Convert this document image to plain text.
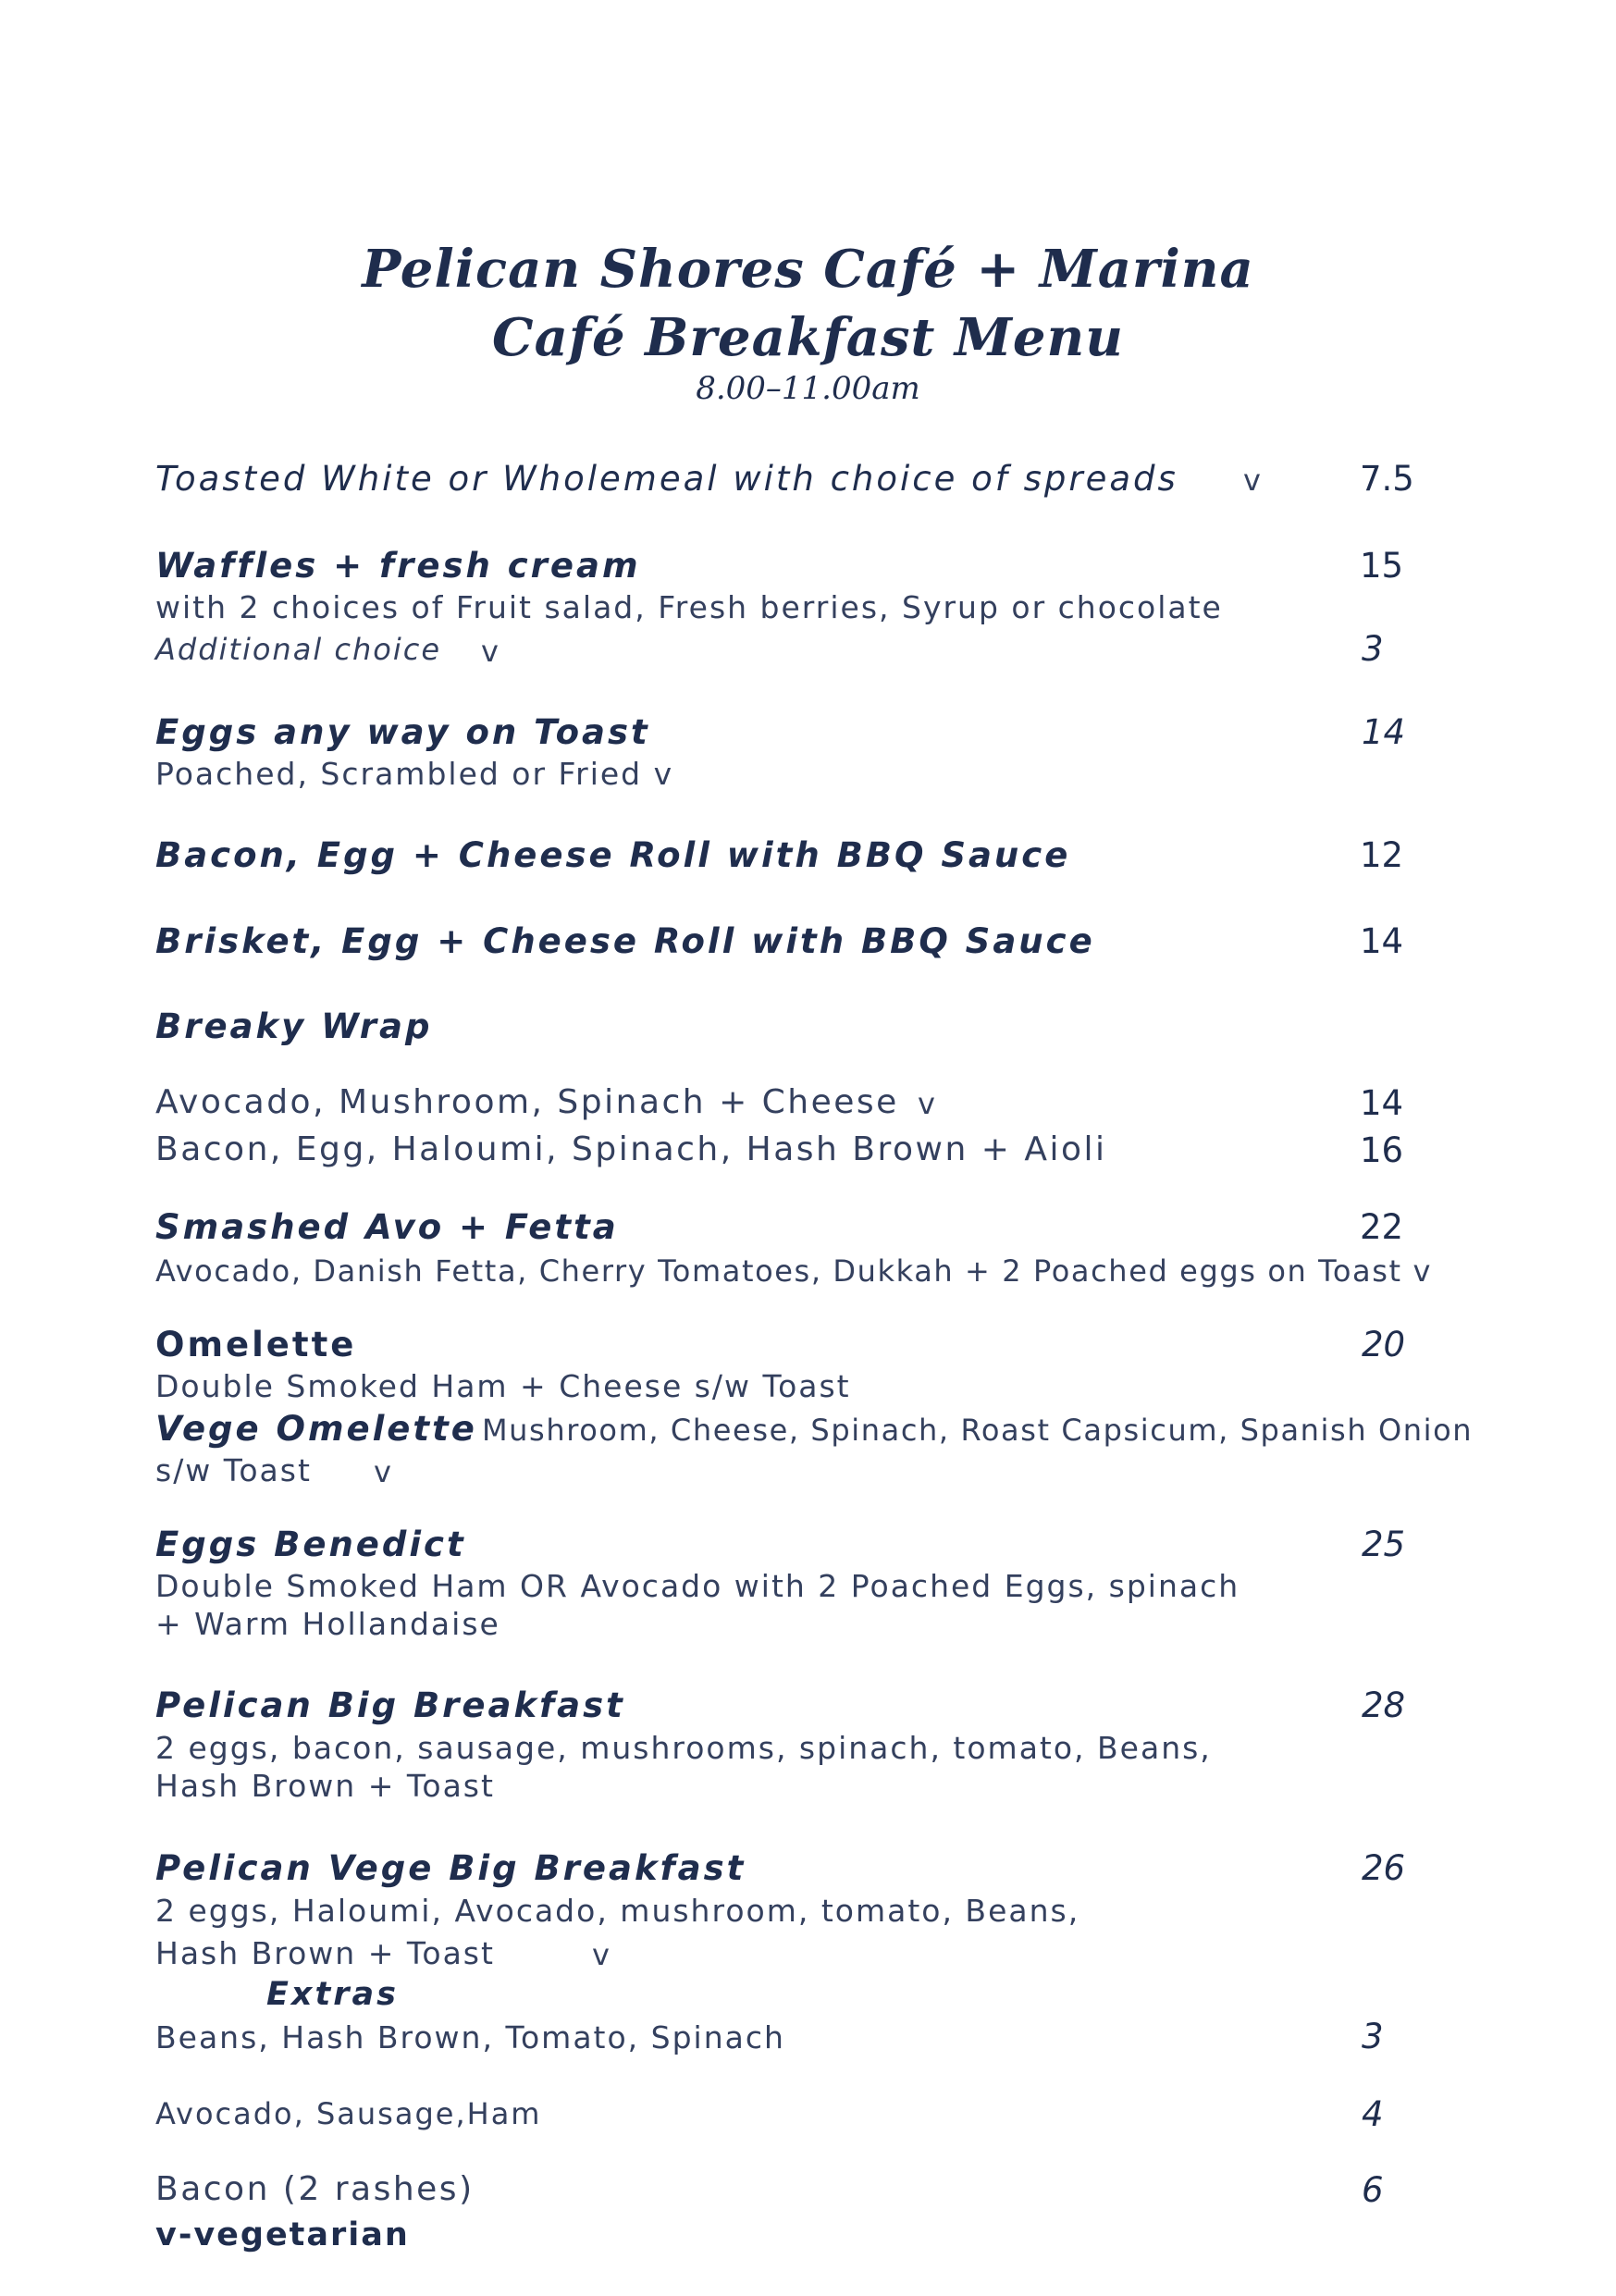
Pelican Shores Café + Marina
Café Breakfast Menu
8.00–11.00am
Toasted White or Wholemeal with choice of spreads v	7.5
Waffles + fresh cream	15
with 2 choices of Fruit salad, Fresh berries, Syrup or chocolate
Additional choice v	3
Eggs any way on Toast	14
Poached, Scrambled or Fried v
Bacon, Egg + Cheese Roll with BBQ Sauce	12
Brisket, Egg + Cheese Roll with BBQ Sauce	14
Breaky Wrap
Avocado, Mushroom, Spinach + Cheese v	14
Bacon, Egg, Haloumi, Spinach, Hash Brown + Aioli	16
Smashed Avo + Fetta	22
Avocado, Danish Fetta, Cherry Tomatoes, Dukkah + 2 Poached eggs on Toast v
Omelette	20
Double Smoked Ham + Cheese s/w Toast
Vege Omelette Mushroom, Cheese, Spinach, Roast Capsicum, Spanish Onion
s/w Toast v
Eggs Benedict	25
Double Smoked Ham OR Avocado with 2 Poached Eggs, spinach
+ Warm Hollandaise
Pelican Big Breakfast	28
2 eggs, bacon, sausage, mushrooms, spinach, tomato, Beans,
Hash Brown + Toast
Pelican Vege Big Breakfast	26
2 eggs, Haloumi, Avocado, mushroom, tomato, Beans,
Hash Brown + Toast	v
Extras
Beans, Hash Brown, Tomato, Spinach	3
Avocado, Sausage,Ham	4
Bacon (2 rashes)	6
v-vegetarian
